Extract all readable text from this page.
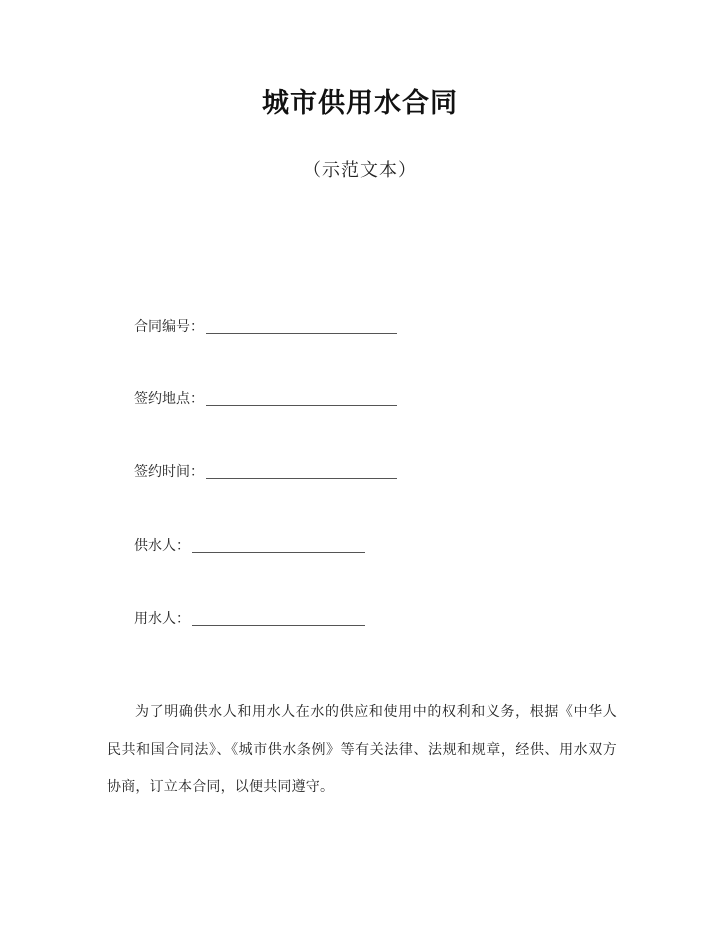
城市供用水合同
（示范文本）
合同编号：
签约地点：
签约时间：
供水人：
用水人：

为了明确供水人和用水人在水的供应和使用中的权利和义务，根据《中华人民共和国合同法》、《城市供水条例》等有关法律、法规和规章，经供、用水双方协商，订立本合同，以便共同遵守。
